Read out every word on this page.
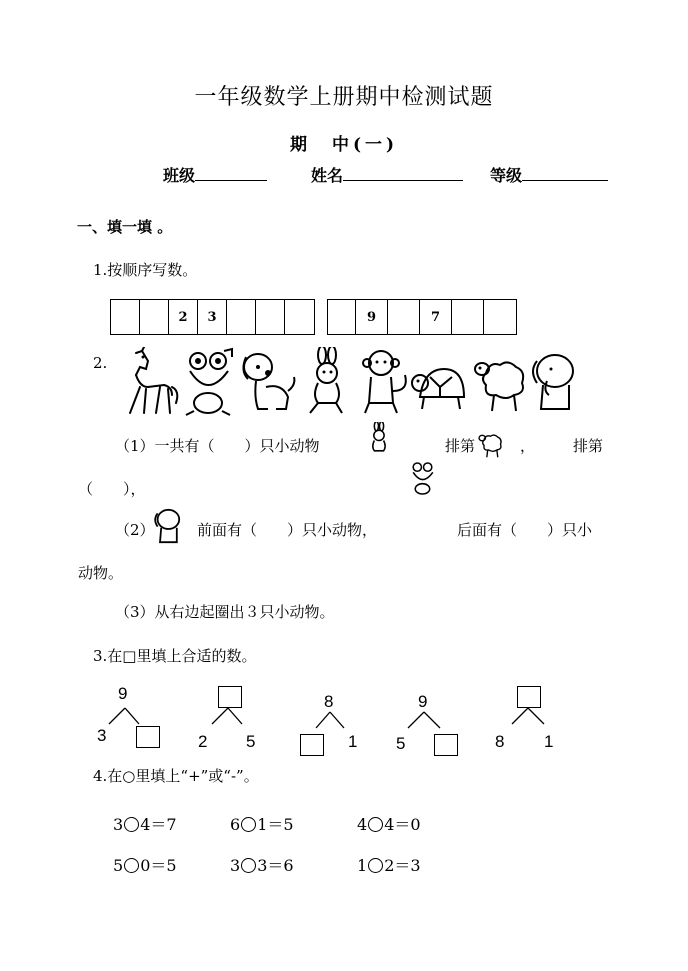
一年级数学上册期中检测试题
期　中(一)
班级	姓名	等级
一、填一填 。
1.按顺序写数。
2	3	9	7
2.
（1）一共有（　　）只小动物	排第	，	排第
（　　），
（2）	前面有（　　）只小动物，	后面有（　　）只小
动物。
（3）从右边起圈出３只小动物。
3.在□里填上合适的数。
9
3	2 5
8
1
9
5	8 1
4.在○里填上“+”或“-”。
3 4＝7	6 1＝5	4 4＝0
5 0＝5	3 3＝6	1 2＝3
